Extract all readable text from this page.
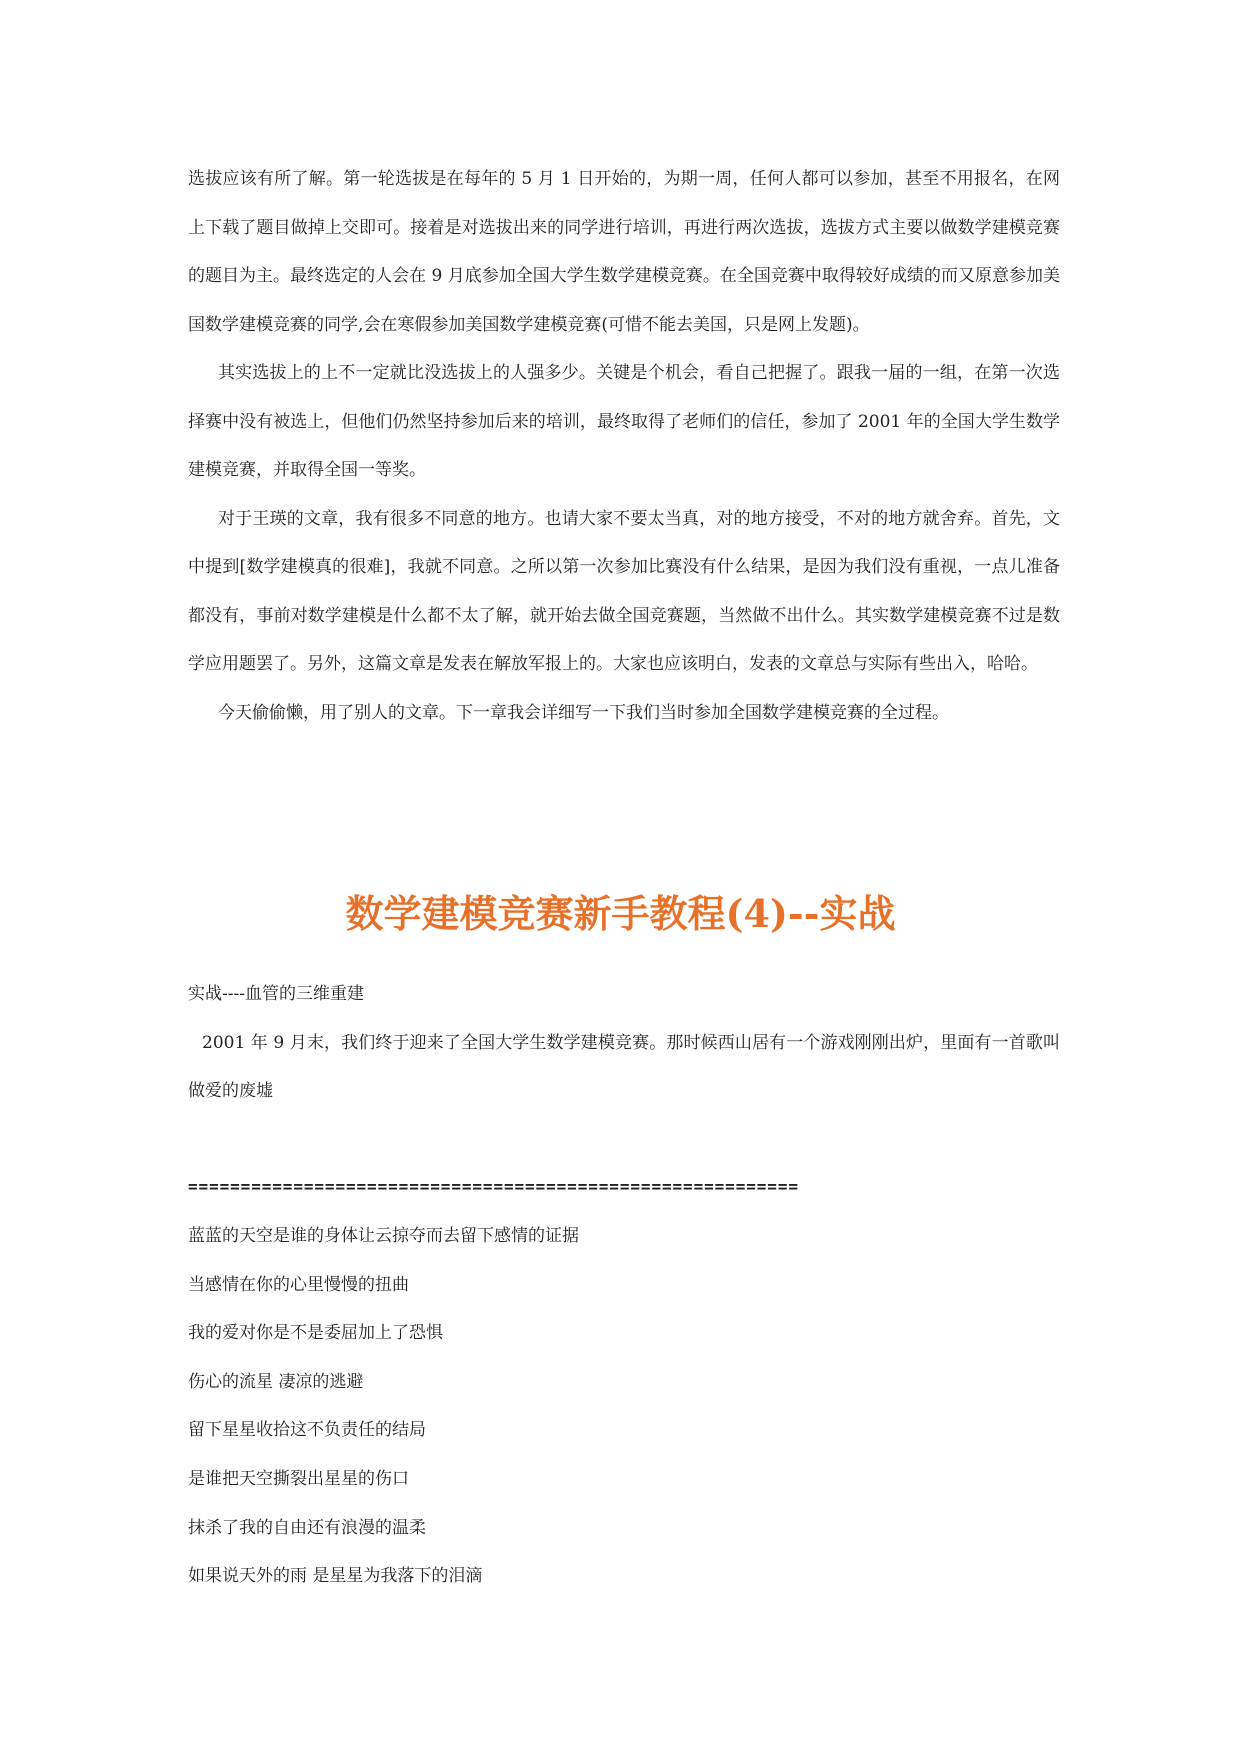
选拔应该有所了解。第一轮选拔是在每年的 5 月 1 日开始的，为期一周，任何人都可以参加，甚至不用报名，在网上下载了题目做掉上交即可。接着是对选拔出来的同学进行培训，再进行两次选拔，选拔方式主要以做数学建模竞赛的题目为主。最终选定的人会在 9 月底参加全国大学生数学建模竞赛。在全国竞赛中取得较好成绩的而又原意参加美国数学建模竞赛的同学,会在寒假参加美国数学建模竞赛(可惜不能去美国，只是网上发题)。

其实选拔上的上不一定就比没选拔上的人强多少。关键是个机会，看自己把握了。跟我一届的一组，在第一次选择赛中没有被选上，但他们仍然坚持参加后来的培训，最终取得了老师们的信任，参加了 2001 年的全国大学生数学建模竞赛，并取得全国一等奖。

对于王瑛的文章，我有很多不同意的地方。也请大家不要太当真，对的地方接受，不对的地方就舍弃。首先，文中提到[数学建模真的很难]，我就不同意。之所以第一次参加比赛没有什么结果，是因为我们没有重视，一点儿准备都没有，事前对数学建模是什么都不太了解，就开始去做全国竞赛题，当然做不出什么。其实数学建模竞赛不过是数学应用题罢了。另外，这篇文章是发表在解放军报上的。大家也应该明白，发表的文章总与实际有些出入，哈哈。

今天偷偷懒，用了别人的文章。下一章我会详细写一下我们当时参加全国数学建模竞赛的全过程。

数学建模竞赛新手教程(4)--实战

实战----血管的三维重建

2001 年 9 月末，我们终于迎来了全国大学生数学建模竞赛。那时候西山居有一个游戏刚刚出炉，里面有一首歌叫做爱的废墟

==========================================================

蓝蓝的天空是谁的身体让云掠夺而去留下感情的证据

当感情在你的心里慢慢的扭曲

我的爱对你是不是委屈加上了恐惧

伤心的流星 凄凉的逃避

留下星星收拾这不负责任的结局

是谁把天空撕裂出星星的伤口

抹杀了我的自由还有浪漫的温柔

如果说天外的雨 是星星为我落下的泪滴
